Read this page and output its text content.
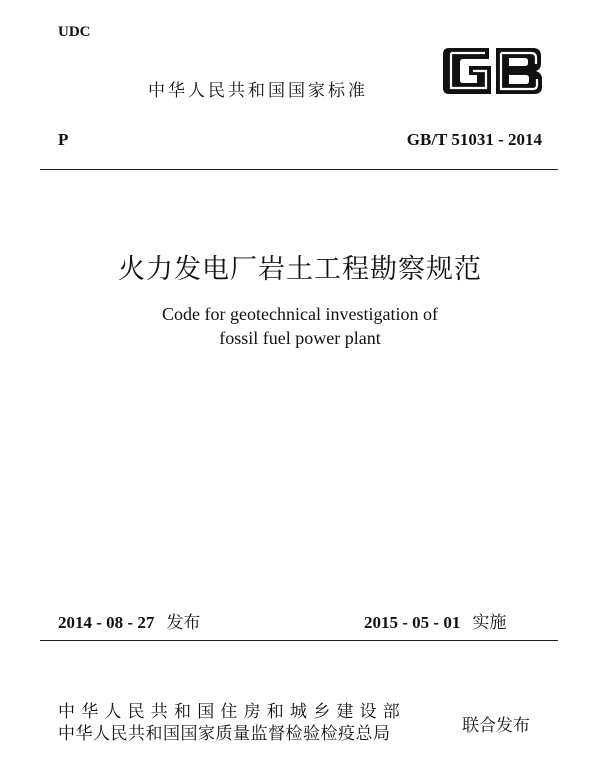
UDC
中华人民共和国国家标准
P	GB/T 51031 - 2014
火力发电厂岩土工程勘察规范
Code for geotechnical investigation of
fossil fuel power plant
2014 - 08 - 27 发布	2015 - 05 - 01 实施
中华人民共和国住房和城乡建设部
中华人民共和国国家质量监督检验检疫总局	联合发布
